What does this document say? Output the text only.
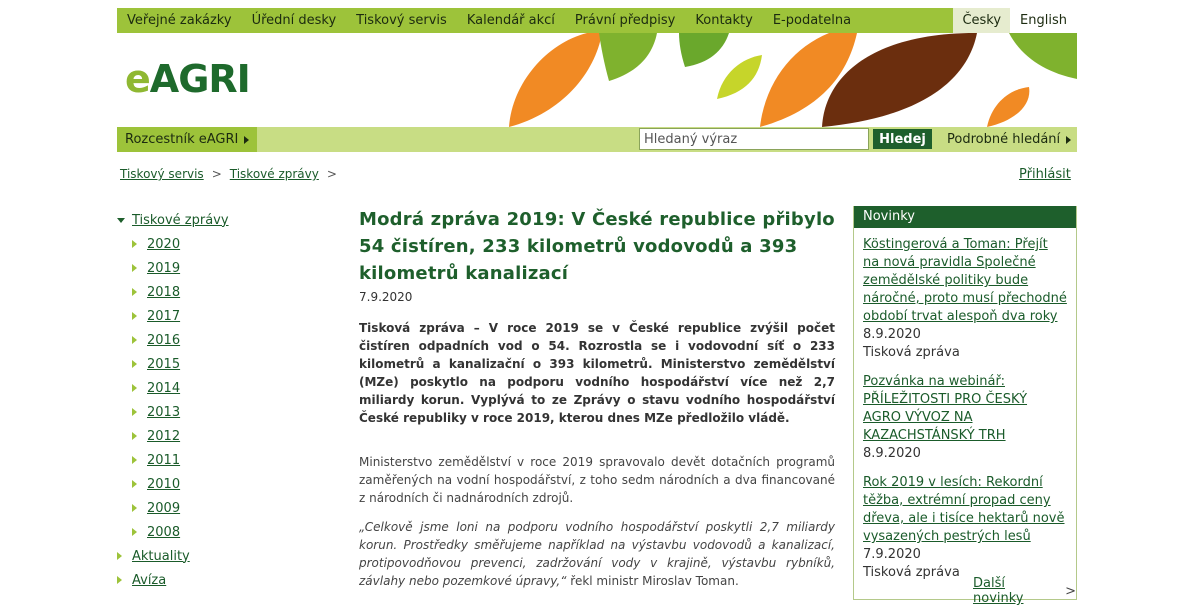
Veřejné zakázky	Úřední desky	Tiskový servis	Kalendář akcí	Právní předpisy	Kontakty	E-podatelna	Česky	English
eAGRI
Rozcestník eAGRI
Hledaný výraz	Hledej	Podrobné hledání
Tiskový servis > Tiskové zprávy >	Přihlásit
Tiskové zprávy
2020
2019
2018
2017
2016
2015
2014
2013
2012
2011
2010
2009
2008
Aktuality
Avíza
Modrá zpráva 2019: V České republice přibylo 54 čistíren, 233 kilometrů vodovodů a 393 kilometrů kanalizací
7.9.2020
Tisková zpráva – V roce 2019 se v České republice zvýšil počet čistíren odpadních vod o 54. Rozrostla se i vodovodní síť o 233 kilometrů a kanalizační o 393 kilometrů. Ministerstvo zemědělství (MZe) poskytlo na podporu vodního hospodářství více než 2,7 miliardy korun. Vyplývá to ze Zprávy o stavu vodního hospodářství České republiky v roce 2019, kterou dnes MZe předložilo vládě.
Ministerstvo zemědělství v roce 2019 spravovalo devět dotačních programů zaměřených na vodní hospodářství, z toho sedm národních a dva financované z národních či nadnárodních zdrojů.
„Celkově jsme loni na podporu vodního hospodářství poskytli 2,7 miliardy korun. Prostředky směřujeme například na výstavbu vodovodů a kanalizací, protipovodňovou prevenci, zadržování vody v krajině, výstavbu rybníků, závlahy nebo pozemkové úpravy,“ řekl ministr Miroslav Toman.
Novinky
Köstingerová a Toman: Přejít na nová pravidla Společné zemědělské politiky bude náročné, proto musí přechodné období trvat alespoň dva roky
8.9.2020
Tisková zpráva
Pozvánka na webinář: PŘÍLEŽITOSTI PRO ČESKÝ AGRO VÝVOZ NA KAZACHSTÁNSKÝ TRH
8.9.2020
Rok 2019 v lesích: Rekordní těžba, extrémní propad ceny dřeva, ale i tisíce hektarů nově vysazených pestrých lesů
7.9.2020
Tisková zpráva
Další novinky	>
